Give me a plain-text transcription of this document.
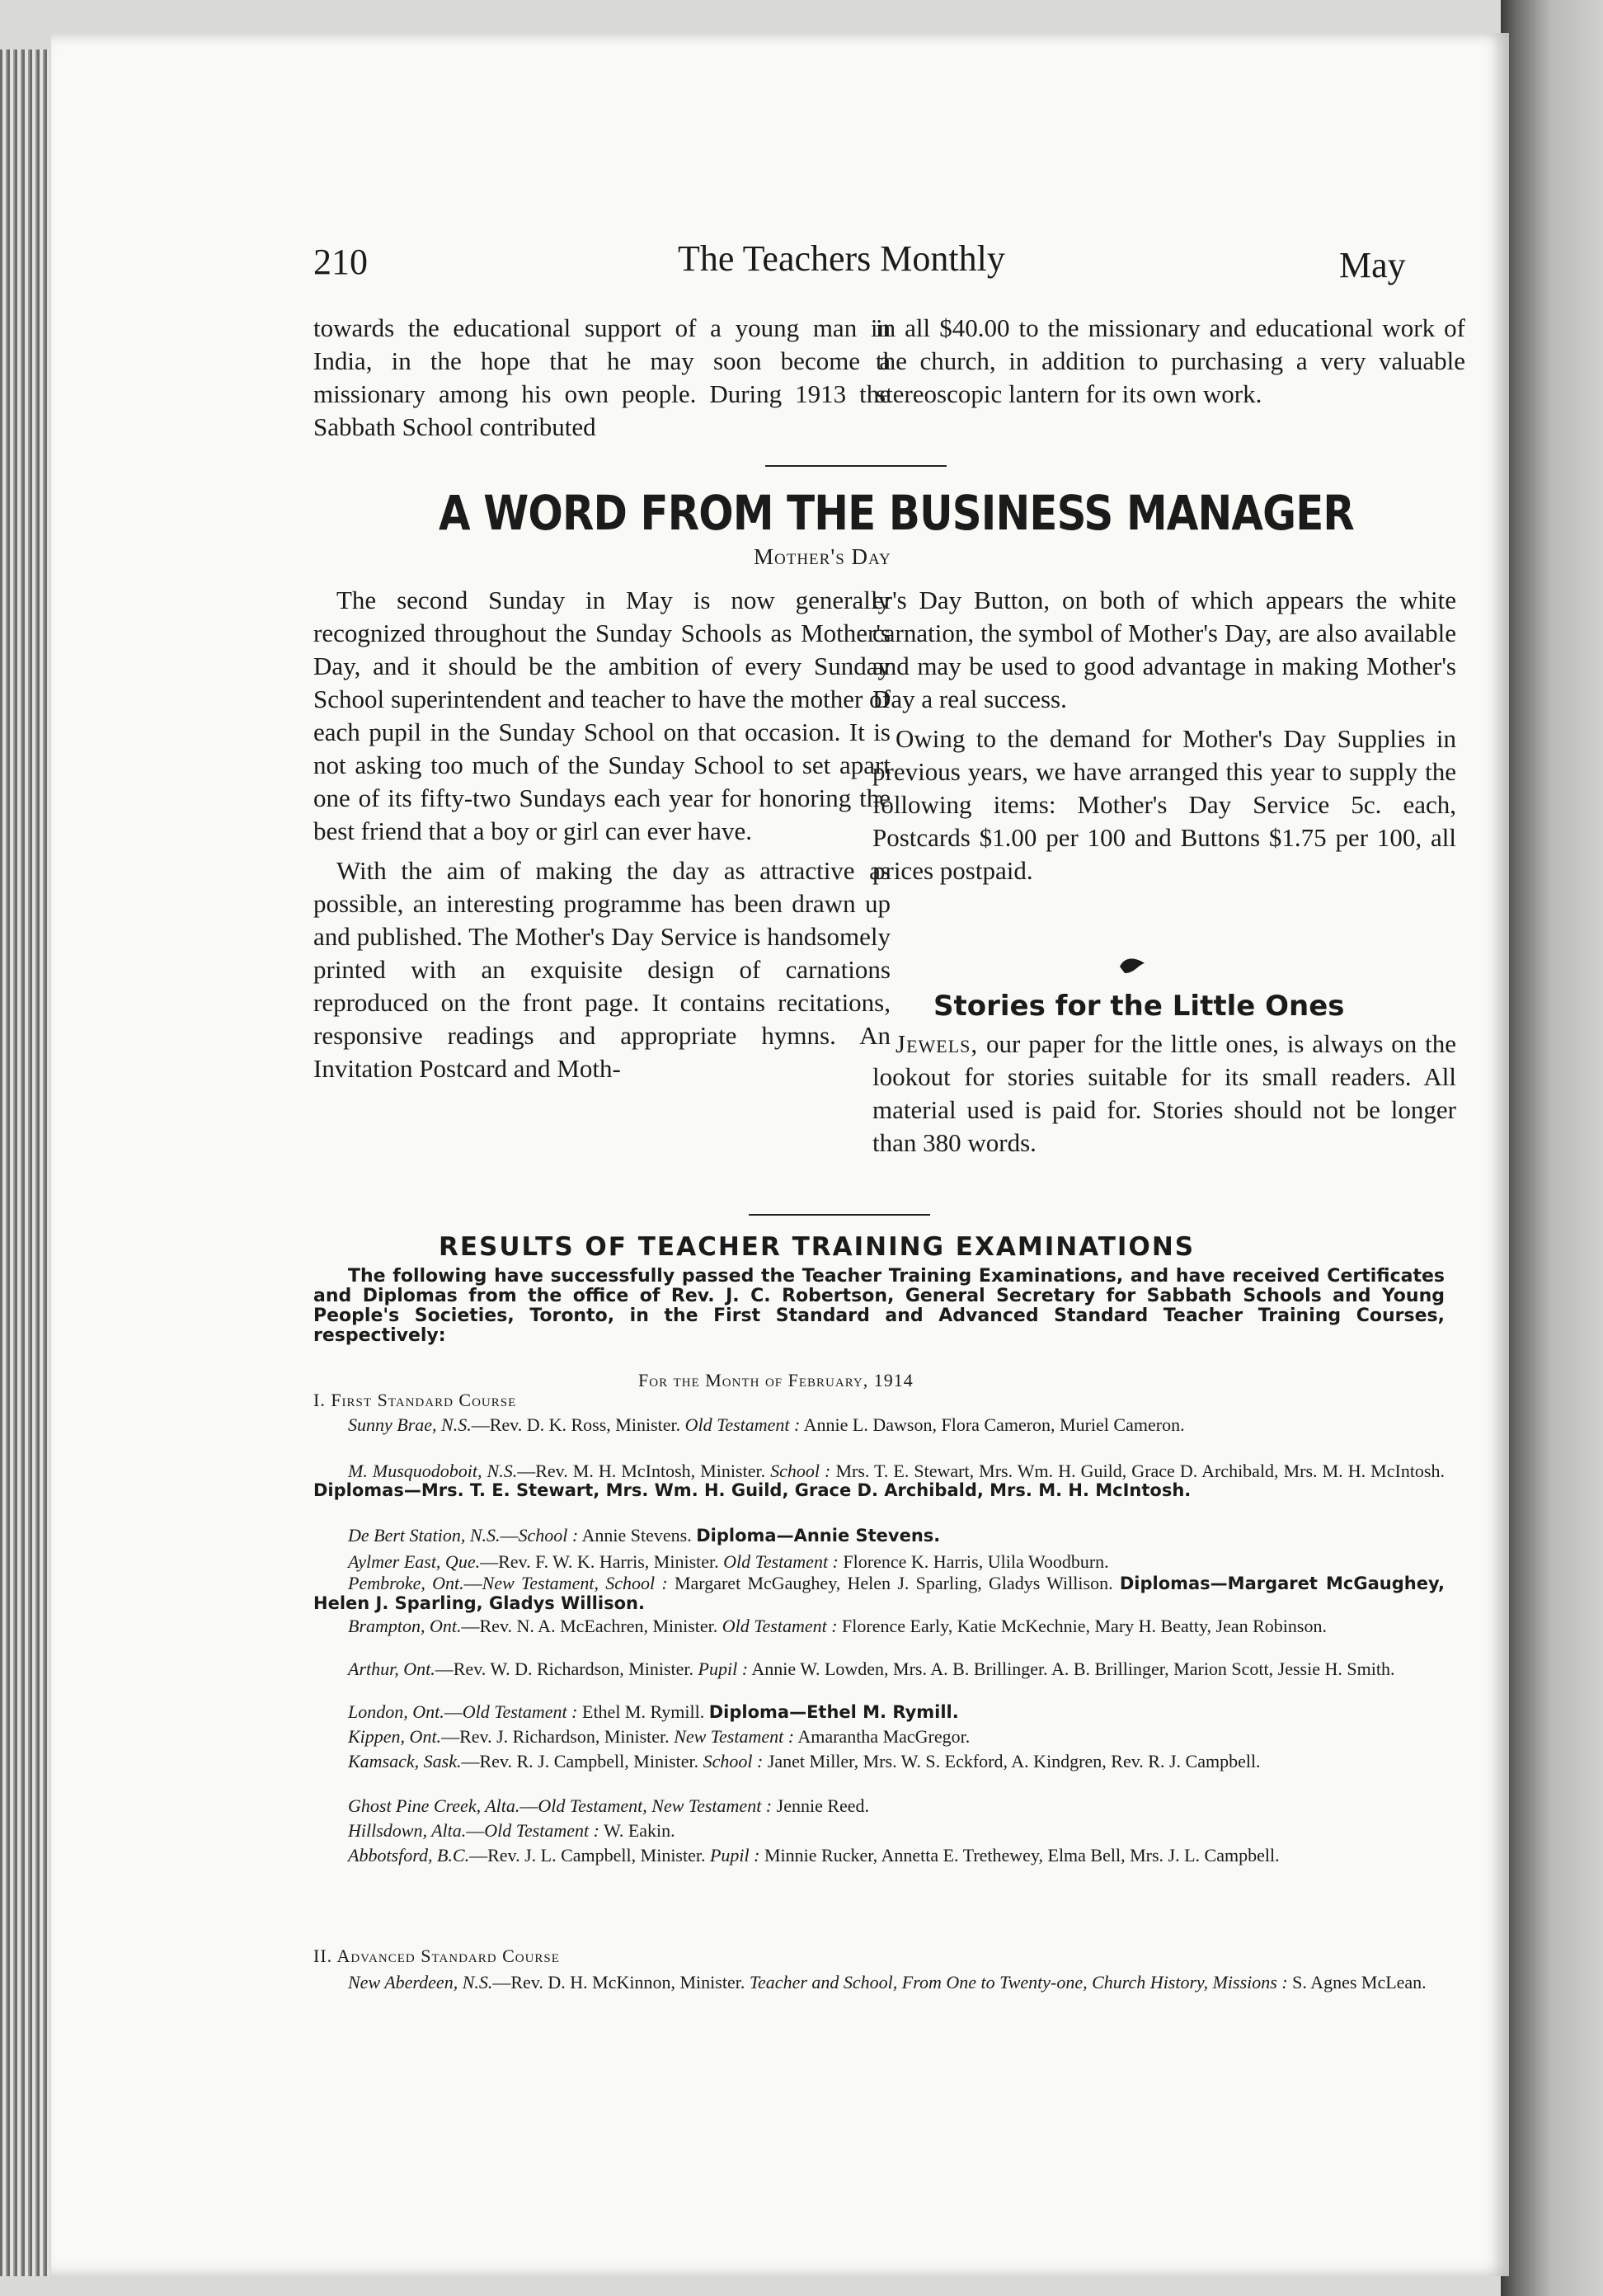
210	The Teachers Monthly	May

towards the educational support of a young man in India, in the hope that he may soon become a missionary among his own people. During 1913 the Sabbath School contributed

in all $40.00 to the missionary and educational work of the church, in addition to purchasing a very valuable stereoscopic lantern for its own work.

A WORD FROM THE BUSINESS MANAGER
Mother's Day

The second Sunday in May is now generally recognized throughout the Sunday Schools as Mother's Day, and it should be the ambition of every Sunday School superintendent and teacher to have the mother of each pupil in the Sunday School on that occasion. It is not asking too much of the Sunday School to set apart one of its fifty-two Sundays each year for honoring the best friend that a boy or girl can ever have.

With the aim of making the day as attractive as possible, an interesting programme has been drawn up and published. The Mother's Day Service is handsomely printed with an exquisite design of carnations reproduced on the front page. It contains recitations, responsive readings and appropriate hymns. An Invitation Postcard and Moth-

er's Day Button, on both of which appears the white carnation, the symbol of Mother's Day, are also available and may be used to good advantage in making Mother's Day a real success.

Owing to the demand for Mother's Day Supplies in previous years, we have arranged this year to supply the following items: Mother's Day Service 5c. each, Postcards $1.00 per 100 and Buttons $1.75 per 100, all prices postpaid.

Stories for the Little Ones

Jewels, our paper for the little ones, is always on the lookout for stories suitable for its small readers. All material used is paid for. Stories should not be longer than 380 words.

RESULTS OF TEACHER TRAINING EXAMINATIONS
The following have successfully passed the Teacher Training Examinations, and have received Certificates and Diplomas from the office of Rev. J. C. Robertson, General Secretary for Sabbath Schools and Young People's Societies, Toronto, in the First Standard and Advanced Standard Teacher Training Courses, respectively:
For the Month of February, 1914
I. First Standard Course

Sunny Brae, N.S.—Rev. D. K. Ross, Minister. Old Testament : Annie L. Dawson, Flora Cameron, Muriel Cameron.

M. Musquodoboit, N.S.—Rev. M. H. McIntosh, Minister. School : Mrs. T. E. Stewart, Mrs. Wm. H. Guild, Grace D. Archibald, Mrs. M. H. McIntosh. Diplomas—Mrs. T. E. Stewart, Mrs. Wm. H. Guild, Grace D. Archibald, Mrs. M. H. McIntosh.

De Bert Station, N.S.—School : Annie Stevens. Diploma—Annie Stevens.

Aylmer East, Que.—Rev. F. W. K. Harris, Minister. Old Testament : Florence K. Harris, Ulila Woodburn.

Pembroke, Ont.—New Testament, School : Margaret McGaughey, Helen J. Sparling, Gladys Willison. Diplomas—Margaret McGaughey, Helen J. Sparling, Gladys Willison.

Brampton, Ont.—Rev. N. A. McEachren, Minister. Old Testament : Florence Early, Katie McKechnie, Mary H. Beatty, Jean Robinson.

Arthur, Ont.—Rev. W. D. Richardson, Minister. Pupil : Annie W. Lowden, Mrs. A. B. Brillinger. A. B. Brillinger, Marion Scott, Jessie H. Smith.

London, Ont.—Old Testament : Ethel M. Rymill. Diploma—Ethel M. Rymill.

Kippen, Ont.—Rev. J. Richardson, Minister. New Testament : Amarantha MacGregor.

Kamsack, Sask.—Rev. R. J. Campbell, Minister. School : Janet Miller, Mrs. W. S. Eckford, A. Kindgren, Rev. R. J. Campbell.

Ghost Pine Creek, Alta.—Old Testament, New Testament : Jennie Reed.

Hillsdown, Alta.—Old Testament : W. Eakin.

Abbotsford, B.C.—Rev. J. L. Campbell, Minister. Pupil : Minnie Rucker, Annetta E. Trethewey, Elma Bell, Mrs. J. L. Campbell.

II. Advanced Standard Course

New Aberdeen, N.S.—Rev. D. H. McKinnon, Minister. Teacher and School, From One to Twenty-one, Church History, Missions : S. Agnes McLean.
